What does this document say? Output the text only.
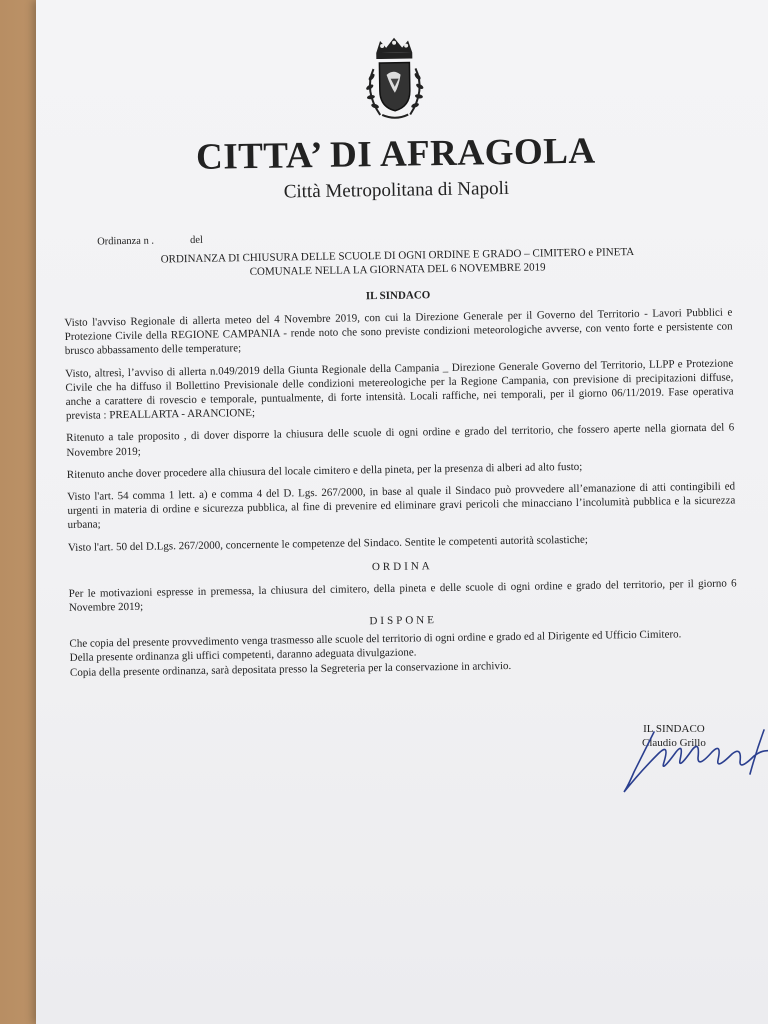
CITTA’ DI AFRAGOLA
Città Metropolitana di Napoli
Ordinanza n .	del
ORDINANZA DI CHIUSURA DELLE SCUOLE DI OGNI ORDINE E GRADO – CIMITERO e PINETA
COMUNALE NELLA LA GIORNATA DEL 6 NOVEMBRE 2019
IL SINDACO

Visto l'avviso Regionale di allerta meteo del 4 Novembre 2019, con cui la Direzione Generale per il Governo del Territorio - Lavori Pubblici e Protezione Civile della REGIONE CAMPANIA - rende noto che sono previste condizioni meteorologiche avverse, con vento forte e persistente con brusco abbassamento delle temperature;

Visto, altresì, l’avviso di allerta n.049/2019 della Giunta Regionale della Campania _ Direzione Generale Governo del Territorio, LLPP e Protezione Civile che ha diffuso il Bollettino Previsionale delle condizioni metereologiche per la Regione Campania, con previsione di precipitazioni diffuse, anche a carattere di rovescio e temporale, puntualmente, di forte intensità. Locali raffiche, nei temporali, per il giorno 06/11/2019. Fase operativa prevista : PREALLARTA - ARANCIONE;

Ritenuto a tale proposito , di dover disporre la chiusura delle scuole di ogni ordine e grado del territorio, che fossero aperte nella giornata del 6 Novembre 2019;

Ritenuto anche dover procedere alla chiusura del locale cimitero e della pineta, per la presenza di alberi ad alto fusto;

Visto l'art. 54 comma 1 lett. a) e comma 4 del D. Lgs. 267/2000, in base al quale il Sindaco può provvedere all’emanazione di atti contingibili ed urgenti in materia di ordine e sicurezza pubblica, al fine di prevenire ed eliminare gravi pericoli che minacciano l’incolumità pubblica e la sicurezza urbana;

Visto l'art. 50 del D.Lgs. 267/2000, concernente le competenze del Sindaco. Sentite le competenti autorità scolastiche;

ORDINA

Per le motivazioni espresse in premessa, la chiusura del cimitero, della pineta e delle scuole di ogni ordine e grado del territorio, per il giorno 6 Novembre 2019;

DISPONE

Che copia del presente provvedimento venga trasmesso alle scuole del territorio di ogni ordine e grado ed al Dirigente ed Ufficio Cimitero.

Della presente ordinanza gli uffici competenti, daranno adeguata divulgazione.

Copia della presente ordinanza, sarà depositata presso la Segreteria per la conservazione in archivio.

IL SINDACO
Claudio Grillo
